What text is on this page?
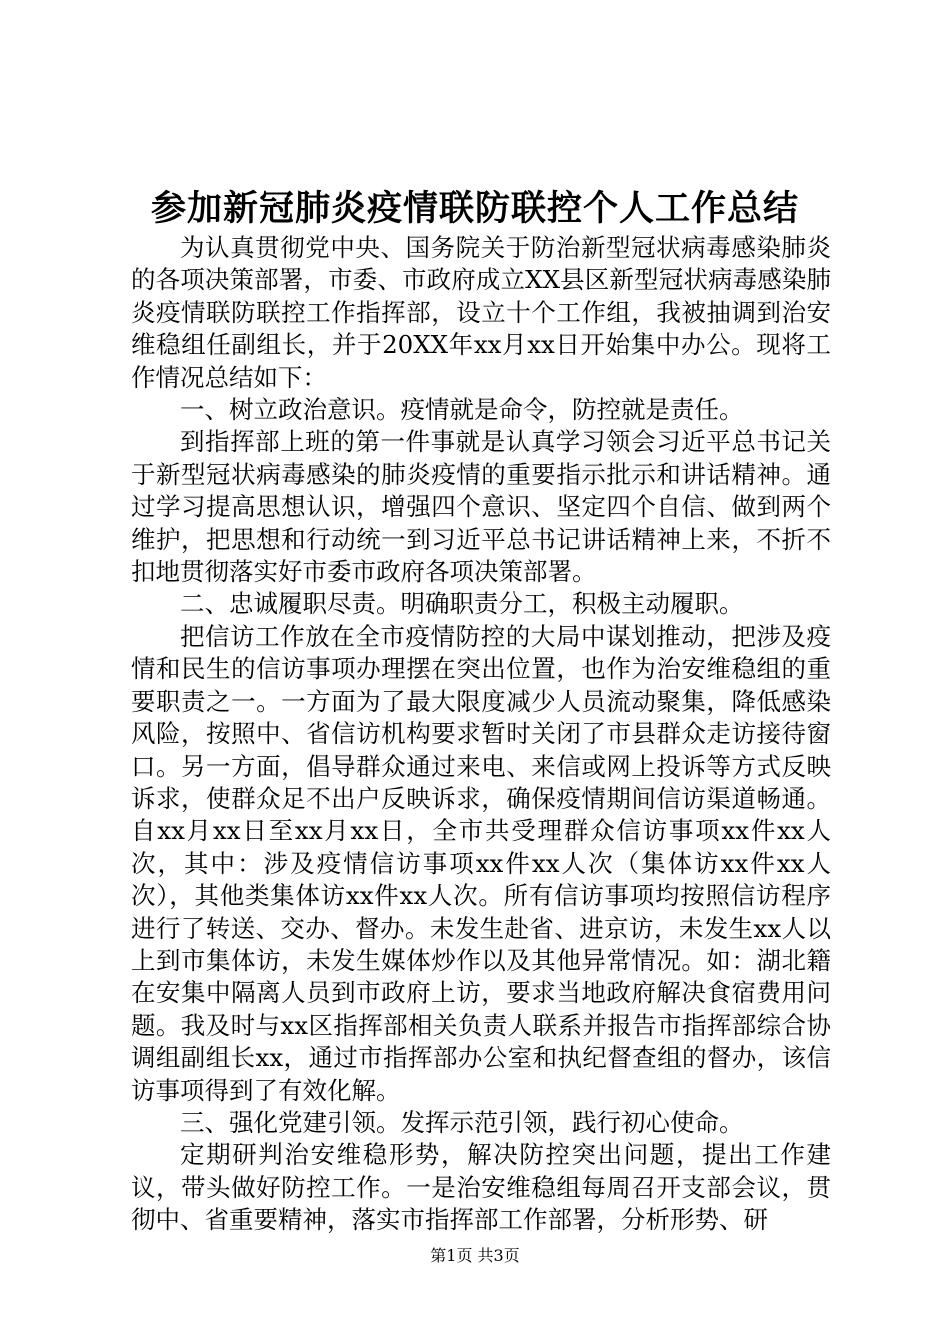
参加新冠肺炎疫情联防联控个人工作总结

为认真贯彻党中央、国务院关于防治新型冠状病毒感染肺炎的各项决策部署，市委、市政府成立XX县区新型冠状病毒感染肺炎疫情联防联控工作指挥部，设立十个工作组，我被抽调到治安维稳组任副组长，并于20XX年xx月xx日开始集中办公。现将工作情况总结如下：

一、树立政治意识。疫情就是命令，防控就是责任。

到指挥部上班的第一件事就是认真学习领会习近平总书记关于新型冠状病毒感染的肺炎疫情的重要指示批示和讲话精神。通过学习提高思想认识，增强四个意识、坚定四个自信、做到两个维护，把思想和行动统一到习近平总书记讲话精神上来，不折不扣地贯彻落实好市委市政府各项决策部署。

二、忠诚履职尽责。明确职责分工，积极主动履职。

把信访工作放在全市疫情防控的大局中谋划推动，把涉及疫情和民生的信访事项办理摆在突出位置，也作为治安维稳组的重要职责之一。一方面为了最大限度减少人员流动聚集，降低感染风险，按照中、省信访机构要求暂时关闭了市县群众走访接待窗口。另一方面，倡导群众通过来电、来信或网上投诉等方式反映诉求，使群众足不出户反映诉求，确保疫情期间信访渠道畅通。自xx月xx日至xx月xx日，全市共受理群众信访事项xx件xx人次，其中：涉及疫情信访事项xx件xx人次（集体访xx件xx人次），其他类集体访xx件xx人次。所有信访事项均按照信访程序进行了转送、交办、督办。未发生赴省、进京访，未发生xx人以上到市集体访，未发生媒体炒作以及其他异常情况。如：湖北籍在安集中隔离人员到市政府上访，要求当地政府解决食宿费用问题。我及时与xx区指挥部相关负责人联系并报告市指挥部综合协调组副组长xx，通过市指挥部办公室和执纪督查组的督办，该信访事项得到了有效化解。

三、强化党建引领。发挥示范引领，践行初心使命。

定期研判治安维稳形势，解决防控突出问题，提出工作建议，带头做好防控工作。一是治安维稳组每周召开支部会议，贯彻中、省重要精神，落实市指挥部工作部署，分析形势、研

第1页 共3页
